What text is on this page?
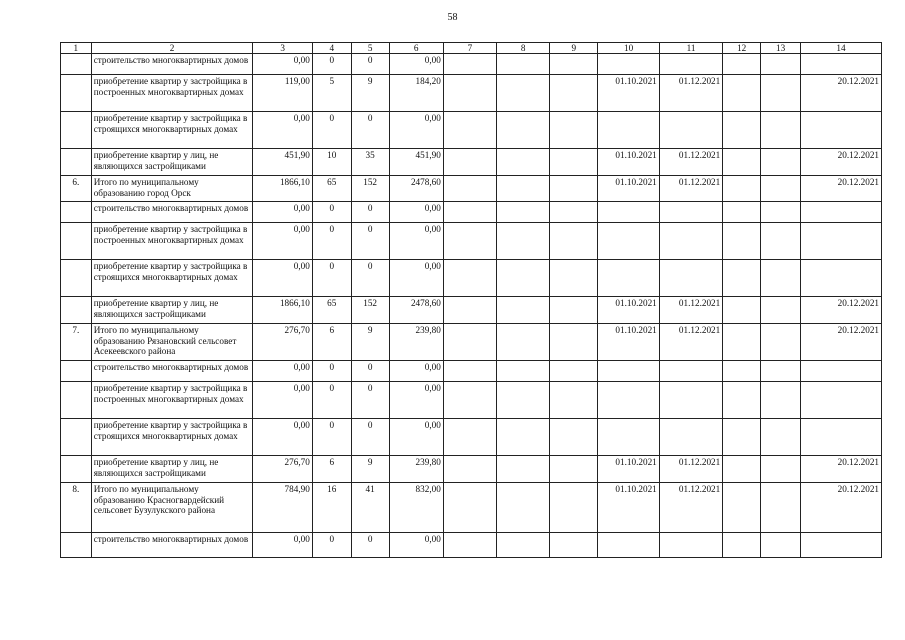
58
1	2	3	4	5	6	7	8	9	10	11	12	13	14
	строительство многоквартирных домов	0,00	0	0	0,00								
	приобретение квартир у застройщика в построенных многоквартирных домах	119,00	5	9	184,20				01.10.2021	01.12.2021			20.12.2021
	приобретение квартир у застройщика в строящихся многоквартирных домах	0,00	0	0	0,00								
	приобретение квартир у лиц, не являющихся застройщиками	451,90	10	35	451,90				01.10.2021	01.12.2021			20.12.2021
6.	Итого по муниципальному образованию город Орск	1866,10	65	152	2478,60				01.10.2021	01.12.2021			20.12.2021
	строительство многоквартирных домов	0,00	0	0	0,00								
	приобретение квартир у застройщика в построенных многоквартирных домах	0,00	0	0	0,00								
	приобретение квартир у застройщика в строящихся многоквартирных домах	0,00	0	0	0,00								
	приобретение квартир у лиц, не являющихся застройщиками	1866,10	65	152	2478,60				01.10.2021	01.12.2021			20.12.2021
7.	Итого по муниципальному образованию Рязановский сельсовет Асекеевского района	276,70	6	9	239,80				01.10.2021	01.12.2021			20.12.2021
	строительство многоквартирных домов	0,00	0	0	0,00								
	приобретение квартир у застройщика в построенных многоквартирных домах	0,00	0	0	0,00								
	приобретение квартир у застройщика в строящихся многоквартирных домах	0,00	0	0	0,00								
	приобретение квартир у лиц, не являющихся застройщиками	276,70	6	9	239,80				01.10.2021	01.12.2021			20.12.2021
8.	Итого по муниципальному образованию Красногвардейский сельсовет Бузулукского района	784,90	16	41	832,00				01.10.2021	01.12.2021			20.12.2021
	строительство многоквартирных домов	0,00	0	0	0,00								
